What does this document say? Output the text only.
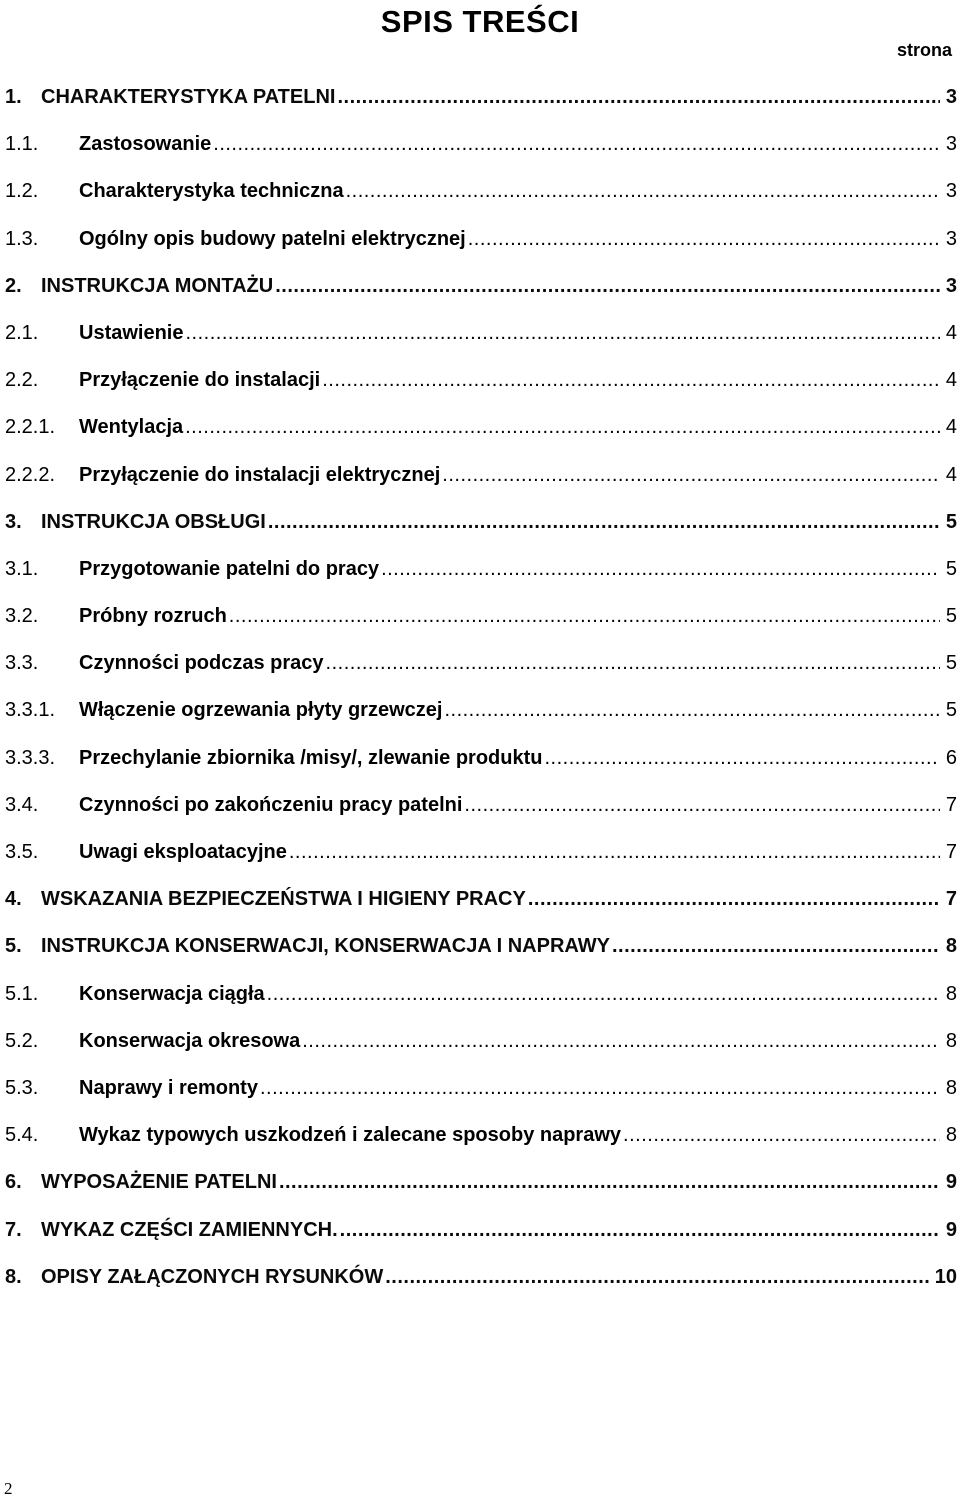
SPIS TREŚCI
strona
1. CHARAKTERYSTYKA PATELNI .....	3
1.1.	Zastosowanie .....	3
1.2.	Charakterystyka techniczna .....	3
1.3.	Ogólny opis budowy patelni elektrycznej .....	3
2. INSTRUKCJA MONTAŻU .....	3
2.1.	Ustawienie .....	4
2.2.	Przyłączenie do instalacji .....	4
2.2.1.	Wentylacja .....	4
2.2.2.	Przyłączenie do instalacji elektrycznej .....	4
3. INSTRUKCJA OBSŁUGI .....	5
3.1.	Przygotowanie patelni do pracy .....	5
3.2.	Próbny rozruch .....	5
3.3.	Czynności podczas pracy .....	5
3.3.1.	Włączenie ogrzewania płyty grzewczej .....	5
3.3.3.	Przechylanie zbiornika /misy/, zlewanie produktu .....	6
3.4.	Czynności po zakończeniu pracy patelni .....	7
3.5.	Uwagi eksploatacyjne .....	7
4. WSKAZANIA BEZPIECZEŃSTWA I HIGIENY PRACY .....	7
5. INSTRUKCJA KONSERWACJI, KONSERWACJA I NAPRAWY .....	8
5.1.	Konserwacja ciągła .....	8
5.2.	Konserwacja okresowa .....	8
5.3.	Naprawy i remonty .....	8
5.4.	Wykaz typowych uszkodzeń i zalecane sposoby naprawy .....	8
6. WYPOSAŻENIE PATELNI .....	9
7. WYKAZ CZĘŚCI ZAMIENNYCH. .....	9
8. OPISY ZAŁĄCZONYCH RYSUNKÓW .....	10
2
